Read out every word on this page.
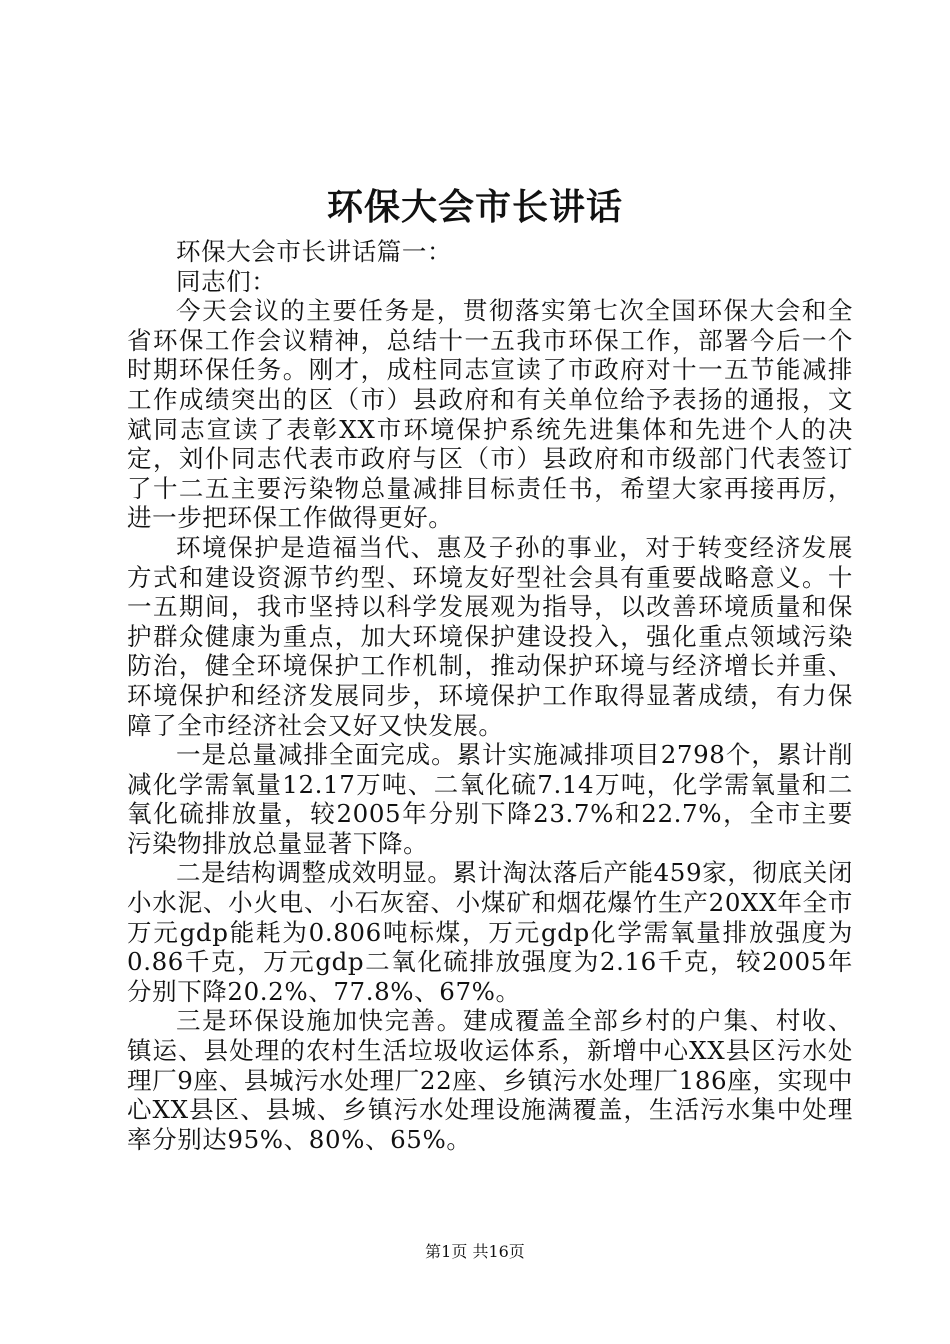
环保大会市长讲话

环保大会市长讲话篇一：

同志们：

今天会议的主要任务是，贯彻落实第七次全国环保大会和全省环保工作会议精神，总结十一五我市环保工作，部署今后一个时期环保任务。刚才，成柱同志宣读了市政府对十一五节能减排工作成绩突出的区（市）县政府和有关单位给予表扬的通报，文斌同志宣读了表彰XX市环境保护系统先进集体和先进个人的决定，刘仆同志代表市政府与区（市）县政府和市级部门代表签订了十二五主要污染物总量减排目标责任书，希望大家再接再厉，进一步把环保工作做得更好。

环境保护是造福当代、惠及子孙的事业，对于转变经济发展方式和建设资源节约型、环境友好型社会具有重要战略意义。十一五期间，我市坚持以科学发展观为指导，以改善环境质量和保护群众健康为重点，加大环境保护建设投入，强化重点领域污染防治，健全环境保护工作机制，推动保护环境与经济增长并重、环境保护和经济发展同步，环境保护工作取得显著成绩，有力保障了全市经济社会又好又快发展。

一是总量减排全面完成。累计实施减排项目2798个，累计削减化学需氧量12.17万吨、二氧化硫7.14万吨，化学需氧量和二氧化硫排放量，较2005年分别下降23.7%和22.7%，全市主要污染物排放总量显著下降。

二是结构调整成效明显。累计淘汰落后产能459家，彻底关闭小水泥、小火电、小石灰窑、小煤矿和烟花爆竹生产20XX年全市万元gdp能耗为0.806吨标煤，万元gdp化学需氧量排放强度为0.86千克，万元gdp二氧化硫排放强度为2.16千克，较2005年分别下降20.2%、77.8%、67%。

三是环保设施加快完善。建成覆盖全部乡村的户集、村收、镇运、县处理的农村生活垃圾收运体系，新增中心XX县区污水处理厂9座、县城污水处理厂22座、乡镇污水处理厂186座，实现中心XX县区、县城、乡镇污水处理设施满覆盖，生活污水集中处理率分别达95%、80%、65%。

第1页 共16页
